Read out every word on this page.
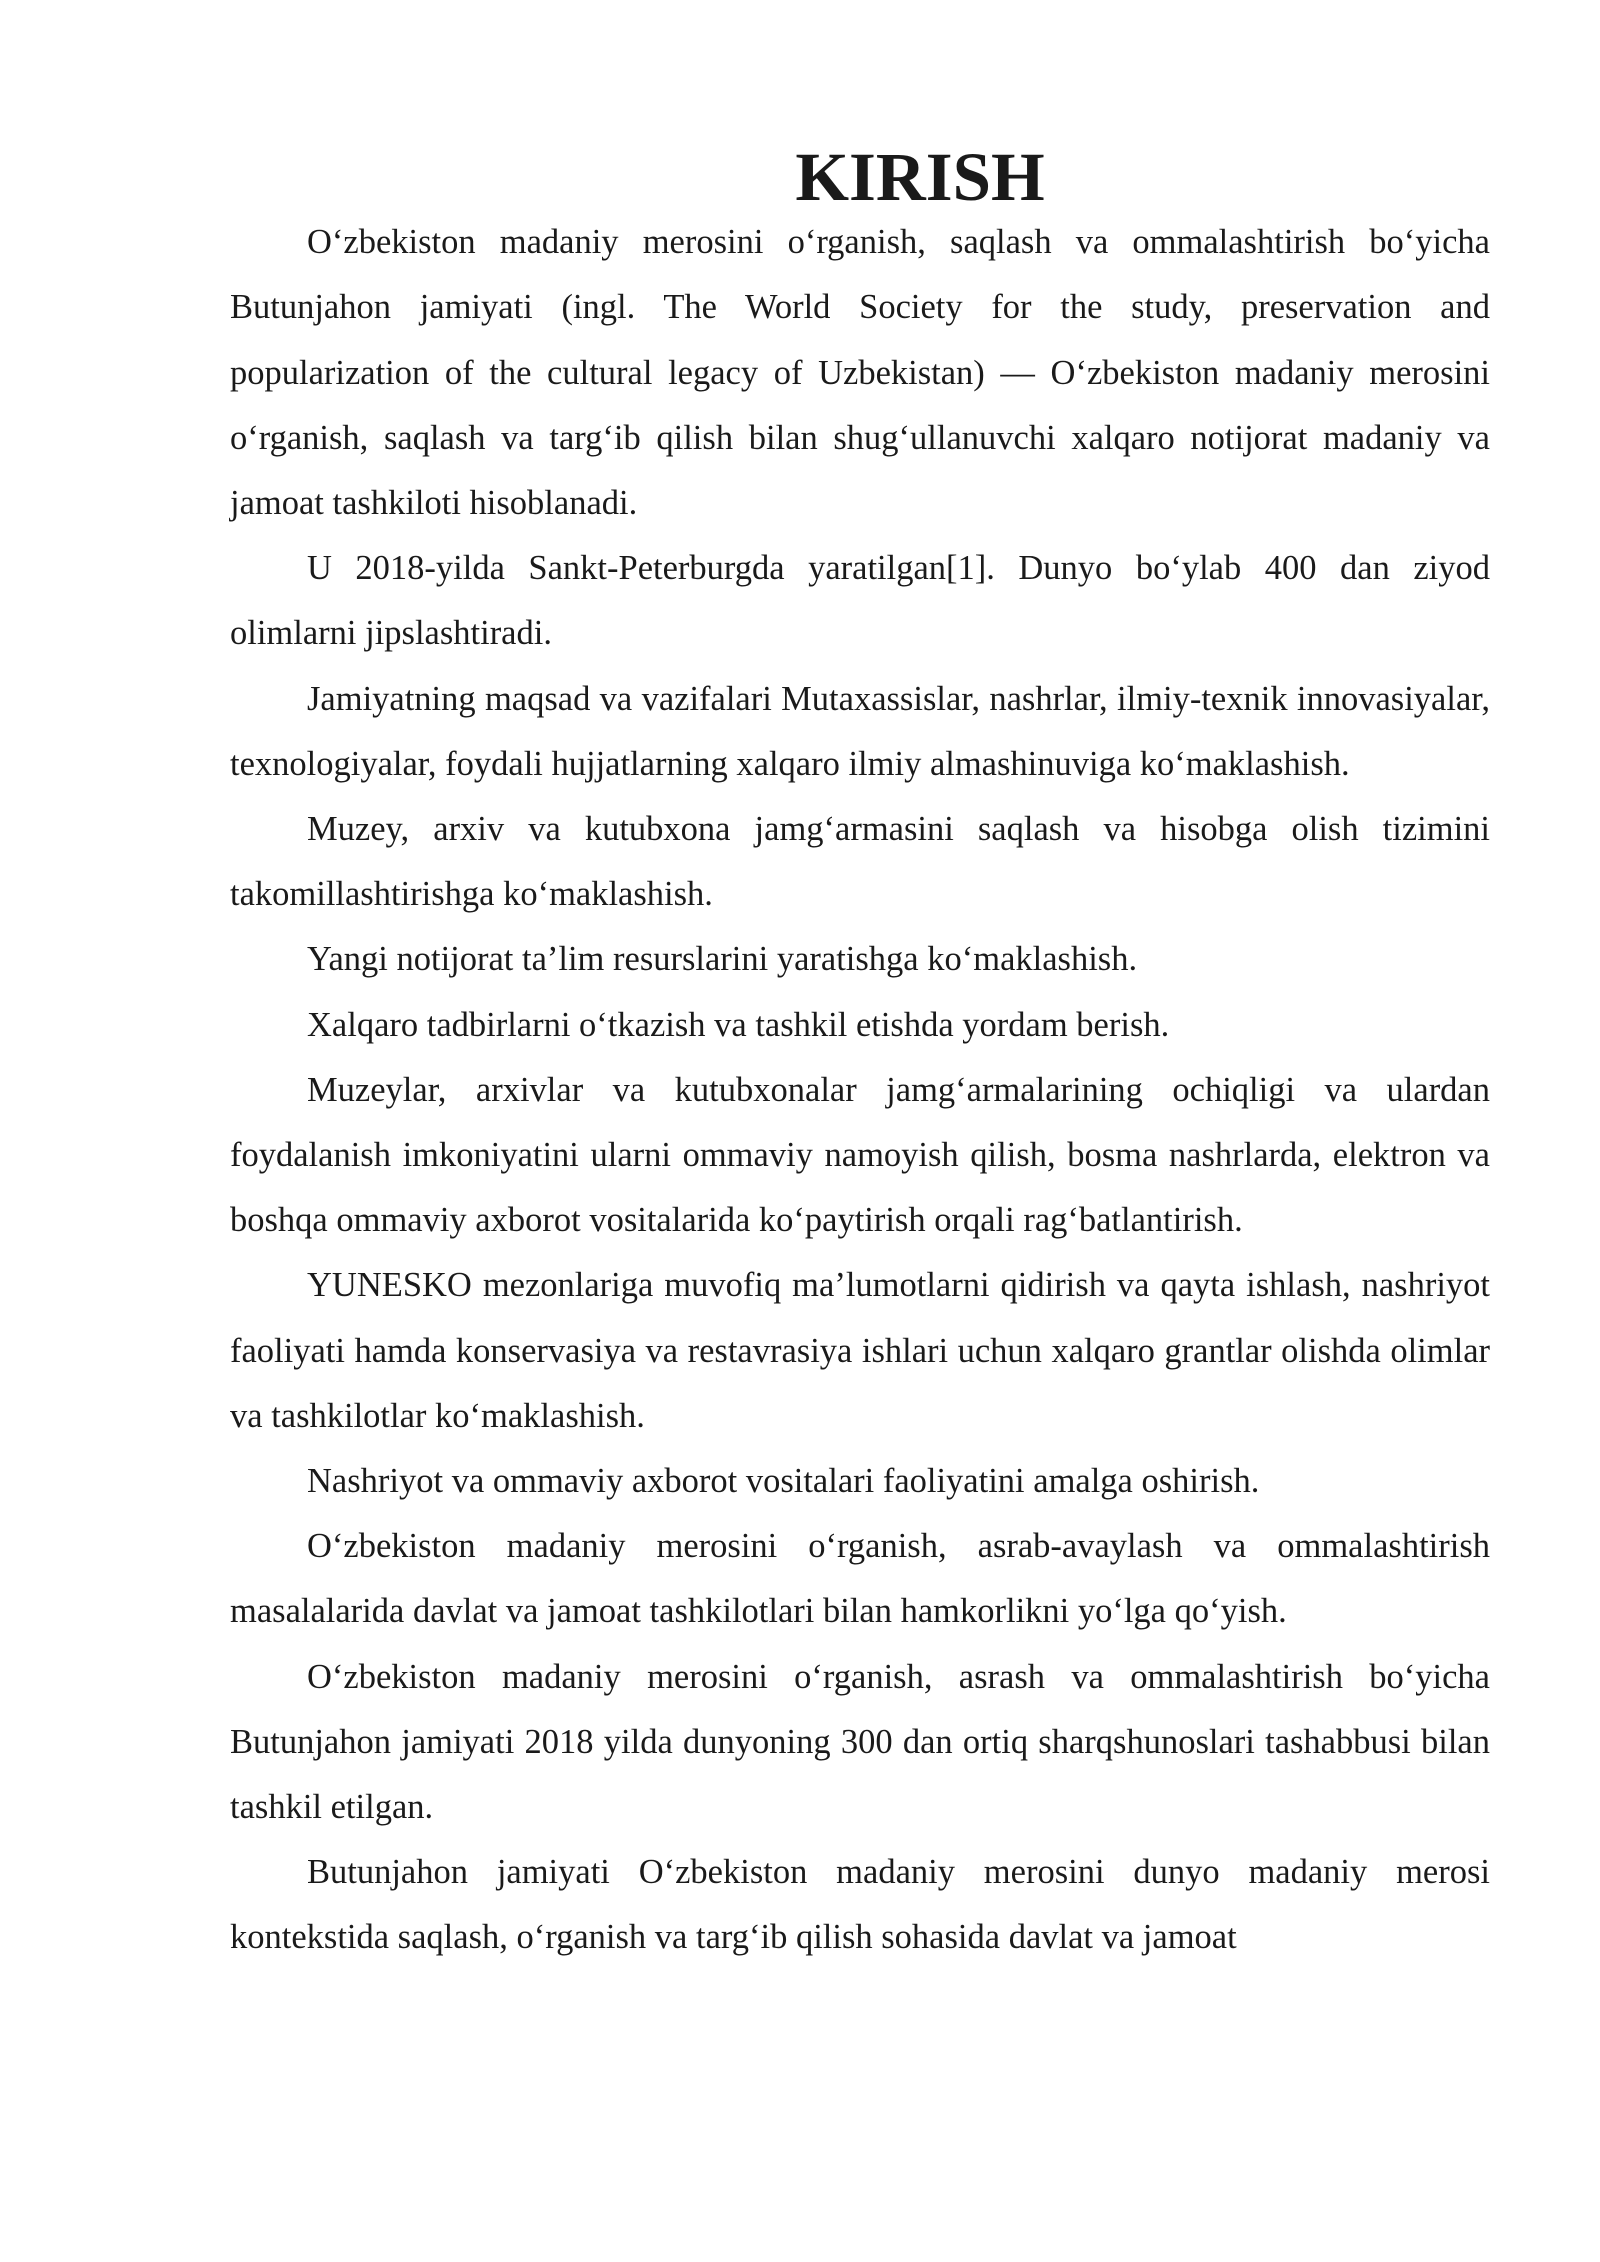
KIRISH

O‘zbekiston madaniy merosini o‘rganish, saqlash va ommalashtirish bo‘yicha Butunjahon jamiyati (ingl. The World Society for the study, preservation and popularization of the cultural legacy of Uzbekistan) — O‘zbekiston madaniy merosini o‘rganish, saqlash va targ‘ib qilish bilan shug‘ullanuvchi xalqaro notijorat madaniy va jamoat tashkiloti hisoblanadi.

U 2018-yilda Sankt-Peterburgda yaratilgan[1]. Dunyo bo‘ylab 400 dan ziyod olimlarni jipslashtiradi.

Jamiyatning maqsad va vazifalari Mutaxassislar, nashrlar, ilmiy-texnik innovasiyalar, texnologiyalar, foydali hujjatlarning xalqaro ilmiy almashinuviga ko‘maklashish.

Muzey, arxiv va kutubxona jamg‘armasini saqlash va hisobga olish tizimini takomillashtirishga ko‘maklashish.

Yangi notijorat ta’lim resurslarini yaratishga ko‘maklashish.

Xalqaro tadbirlarni o‘tkazish va tashkil etishda yordam berish.

Muzeylar, arxivlar va kutubxonalar jamg‘armalarining ochiqligi va ulardan foydalanish imkoniyatini ularni ommaviy namoyish qilish, bosma nashrlarda, elektron va boshqa ommaviy axborot vositalarida ko‘paytirish orqali rag‘batlantirish.

YUNESKO mezonlariga muvofiq ma’lumotlarni qidirish va qayta ishlash, nashriyot faoliyati hamda konservasiya va restavrasiya ishlari uchun xalqaro grantlar olishda olimlar va tashkilotlar ko‘maklashish.

Nashriyot va ommaviy axborot vositalari faoliyatini amalga oshirish.

O‘zbekiston madaniy merosini o‘rganish, asrab-avaylash va ommalashtirish masalalarida davlat va jamoat tashkilotlari bilan hamkorlikni yo‘lga qo‘yish.

O‘zbekiston madaniy merosini o‘rganish, asrash va ommalashtirish bo‘yicha Butunjahon jamiyati 2018 yilda dunyoning 300 dan ortiq sharqshunoslari tashabbusi bilan tashkil etilgan.

Butunjahon jamiyati O‘zbekiston madaniy merosini dunyo madaniy merosi kontekstida saqlash, o‘rganish va targ‘ib qilish sohasida davlat va jamoat
